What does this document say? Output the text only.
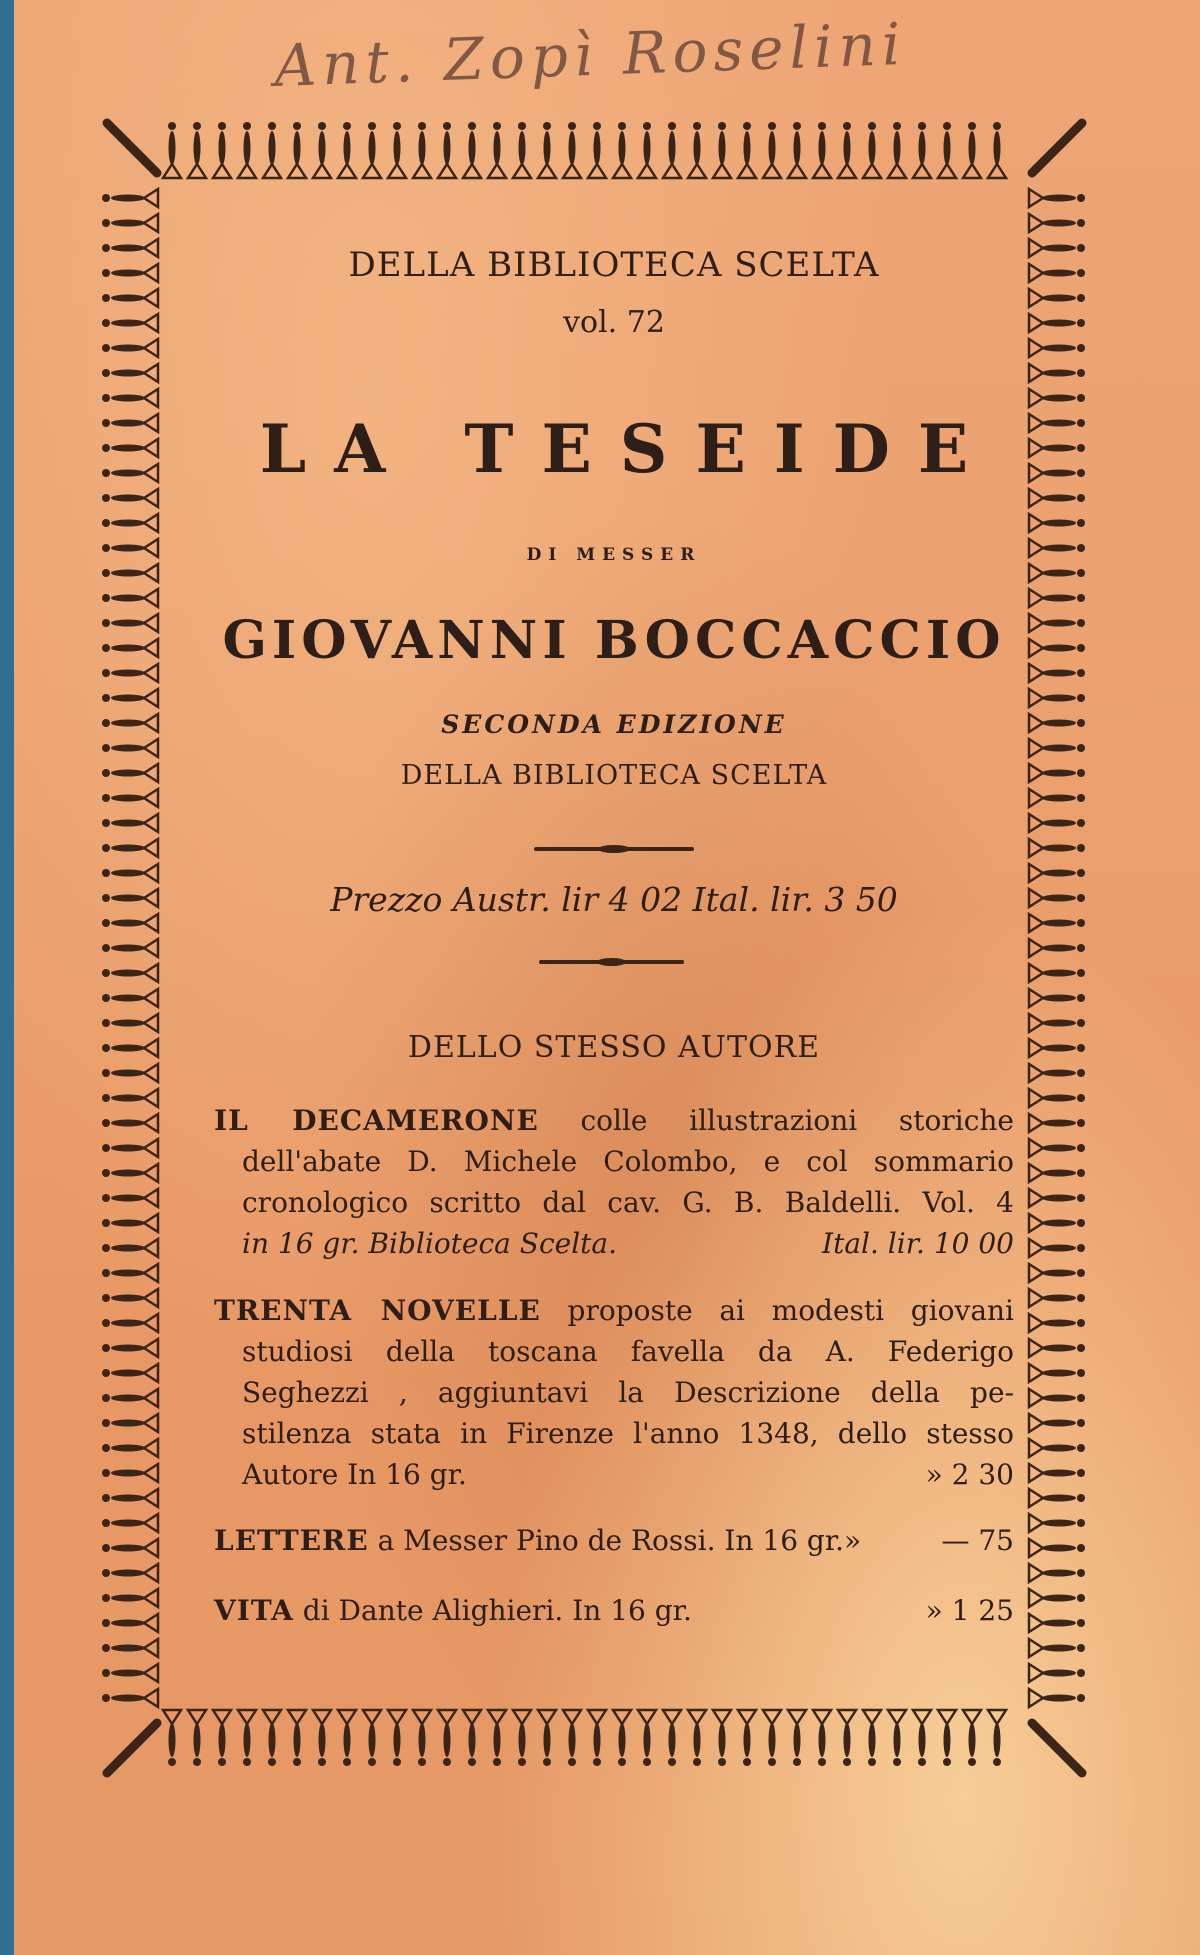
Ant. Zopì Roselini
DELLA BIBLIOTECA SCELTA
vol. 72
LA TESEIDE
DI MESSER
GIOVANNI BOCCACCIO
SECONDA EDIZIONE
DELLA BIBLIOTECA SCELTA
Prezzo Austr. lir 4 02 Ital. lir. 3 50
DELLO STESSO AUTORE
IL DECAMERONE colle illustrazioni storiche
dell'abate D. Michele Colombo, e col sommario
cronologico scritto dal cav. G. B. Baldelli. Vol. 4
in 16 gr. Biblioteca Scelta.	Ital. lir. 10 00
TRENTA NOVELLE proposte ai modesti giovani
studiosi della toscana favella da A. Federigo
Seghezzi , aggiuntavi la Descrizione della pe-
stilenza stata in Firenze l'anno 1348, dello stesso
Autore In 16 gr.	» 2 30
LETTERE a Messer Pino de Rossi. In 16 gr.»	— 75
VITA di Dante Alighieri. In 16 gr.	» 1 25
